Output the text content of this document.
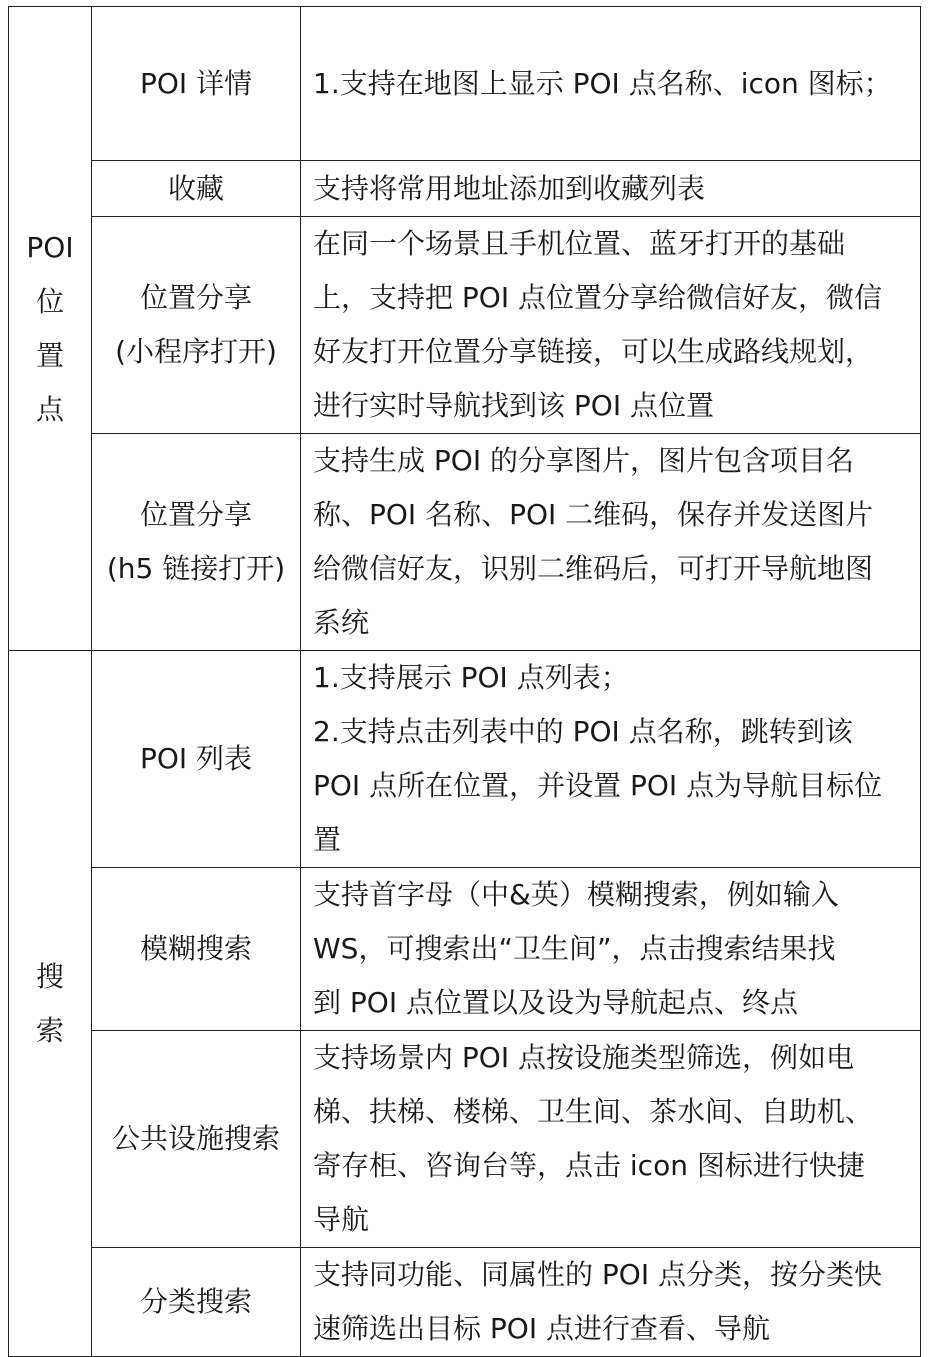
POI
位
置
点	POI 详情	1.支持在地图上显示 POI 点名称、icon 图标；

	收藏	支持将常用地址添加到收藏列表

	位置分享
(小程序打开)	在同一个场景且手机位置、蓝牙打开的基础
上，支持把 POI 点位置分享给微信好友，微信
好友打开位置分享链接，可以生成路线规划，
进行实时导航找到该 POI 点位置

	位置分享
(h5 链接打开)	支持生成 POI 的分享图片，图片包含项目名
称、POI 名称、POI 二维码，保存并发送图片
给微信好友，识别二维码后，可打开导航地图
系统

搜
索	POI 列表	1.支持展示 POI 点列表；
2.支持点击列表中的 POI 点名称，跳转到该
POI 点所在位置，并设置 POI 点为导航目标位
置

	模糊搜索	支持首字母（中&英）模糊搜索，例如输入
WS，可搜索出“卫生间”，点击搜索结果找
到 POI 点位置以及设为导航起点、终点

	公共设施搜索	支持场景内 POI 点按设施类型筛选，例如电
梯、扶梯、楼梯、卫生间、茶水间、自助机、
寄存柜、咨询台等，点击 icon 图标进行快捷
导航

	分类搜索	支持同功能、同属性的 POI 点分类，按分类快
速筛选出目标 POI 点进行查看、导航
